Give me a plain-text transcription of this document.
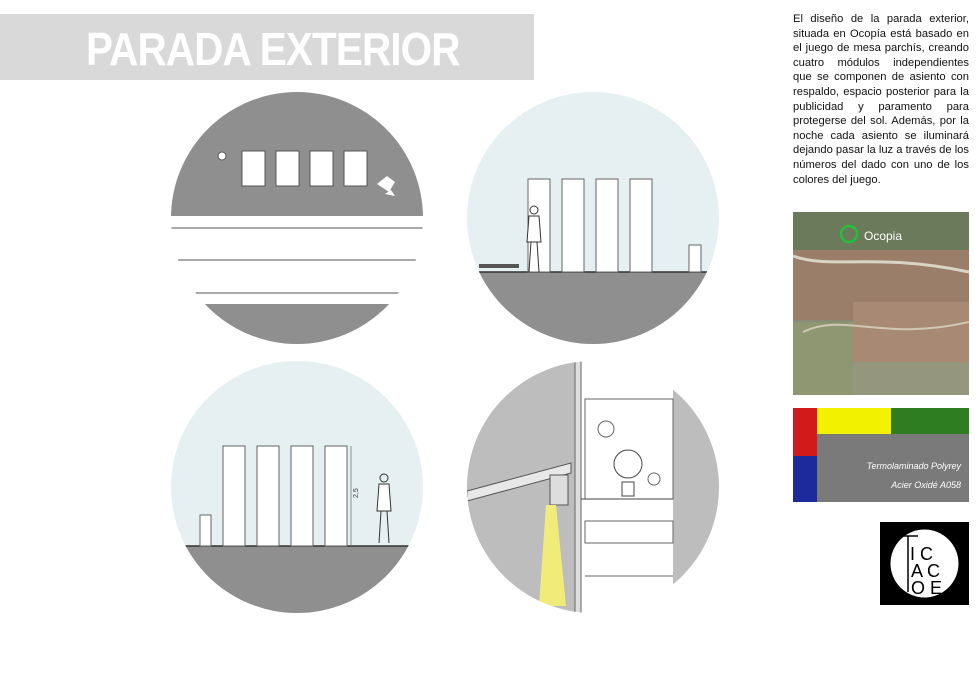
PARADA EXTERIOR
El diseño de la parada exterior, situada en Ocopía está basado en el juego de mesa parchís, creando cuatro módulos independientes que se componen de asiento con respaldo, espacio posterior para la publicidad y paramento para protegerse del sol. Además, por la noche cada asiento se iluminará dejando pasar la luz a través de los números del dado con uno de los colores del juego.
2,5
Ocopia
Termolaminado Polyrey
Acier Oxidé A058
I C
A C
O E
